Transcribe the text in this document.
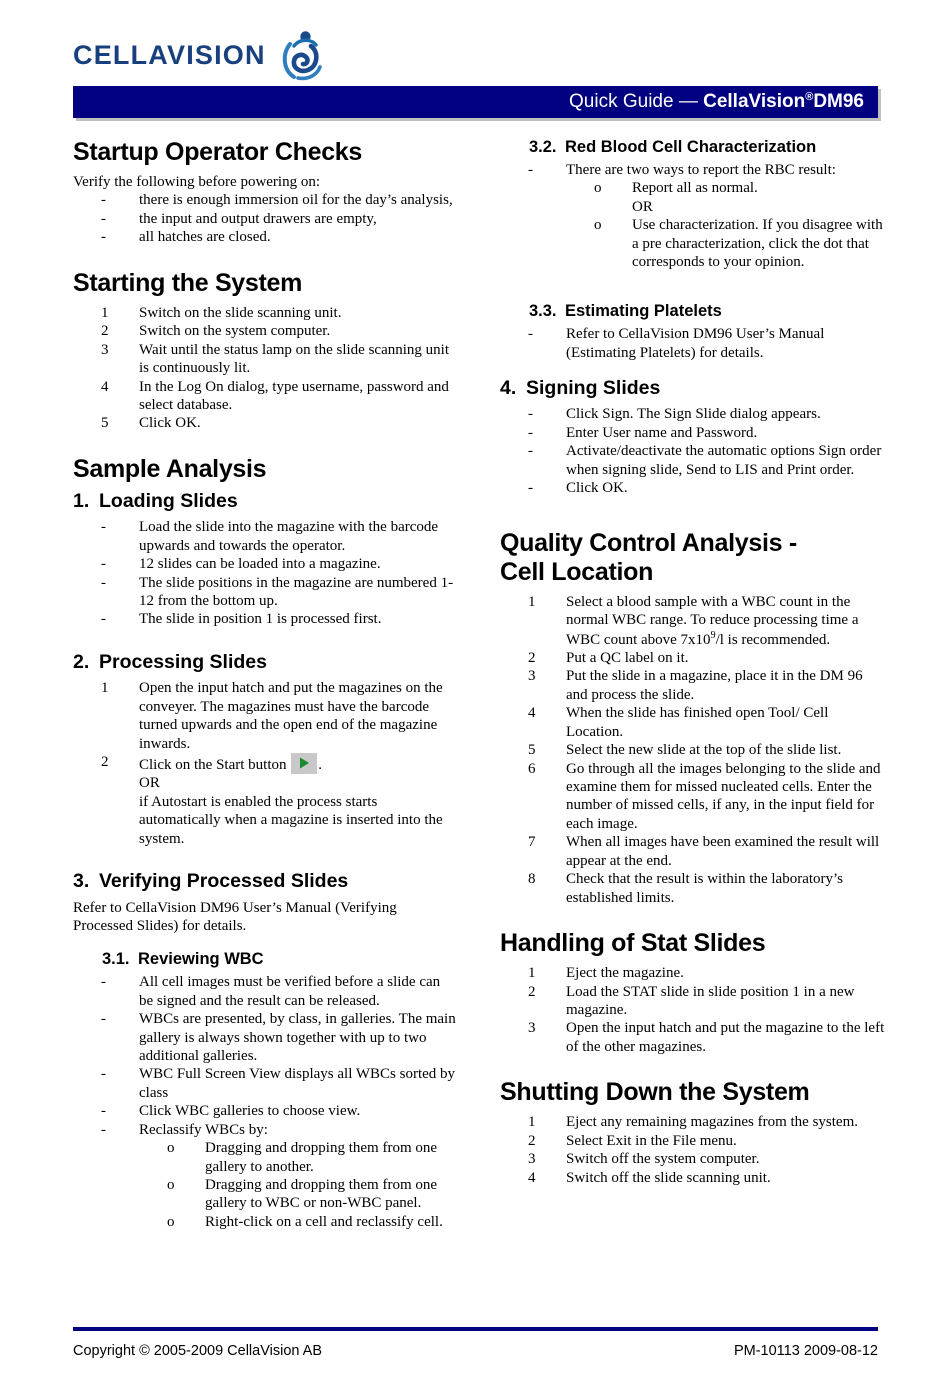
CELLAVISION
Quick Guide — CellaVision®DM96
Startup Operator Checks

Verify the following before powering on:

-	there is enough immersion oil for the day’s analysis,
-	the input and output drawers are empty,
-	all hatches are closed.
Starting the System
1	Switch on the slide scanning unit.
2	Switch on the system computer.
3	Wait until the status lamp on the slide scanning unit is continuously lit.
4	In the Log On dialog, type username, password and select database.
5	Click OK.
Sample Analysis
1. Loading Slides
-	Load the slide into the magazine with the barcode upwards and towards the operator.
-	12 slides can be loaded into a magazine.
-	The slide positions in the magazine are numbered 1-12 from the bottom up.
-	The slide in position 1 is processed first.
2. Processing Slides
1	Open the input hatch and put the magazines on the conveyer. The magazines must have the barcode turned upwards and the open end of the magazine inwards.
2	Click on the Start button .
OR
if Autostart is enabled the process starts automatically when a magazine is inserted into the system.
3. Verifying Processed Slides

Refer to CellaVision DM96 User’s Manual (Verifying Processed Slides) for details.

3.1. Reviewing WBC
-	All cell images must be verified before a slide can be signed and the result can be released.
-	WBCs are presented, by class, in galleries. The main gallery is always shown together with up to two additional galleries.
-	WBC Full Screen View displays all WBCs sorted by class
-	Click WBC galleries to choose view.
-	Reclassify WBCs by:
o	Dragging and dropping them from one gallery to another.
o	Dragging and dropping them from one gallery to WBC or non-WBC panel.
o	Right-click on a cell and reclassify cell.
3.2. Red Blood Cell Characterization
-	There are two ways to report the RBC result:
o	Report all as normal.
OR
o	Use characterization. If you disagree with a pre characterization, click the dot that corresponds to your opinion.
3.3. Estimating Platelets
-	Refer to CellaVision DM96 User’s Manual (Estimating Platelets) for details.
4. Signing Slides
-	Click Sign. The Sign Slide dialog appears.
-	Enter User name and Password.
-	Activate/deactivate the automatic options Sign order when signing slide, Send to LIS and Print order.
-	Click OK.
Quality Control Analysis -
Cell Location
1	Select a blood sample with a WBC count in the normal WBC range. To reduce processing time a WBC count above $7x10^9/l$ is recommended.
2	Put a QC label on it.
3	Put the slide in a magazine, place it in the DM 96 and process the slide.
4	When the slide has finished open Tool/ Cell Location.
5	Select the new slide at the top of the slide list.
6	Go through all the images belonging to the slide and examine them for missed nucleated cells. Enter the number of missed cells, if any, in the input field for each image.
7	When all images have been examined the result will appear at the end.
8	Check that the result is within the laboratory’s established limits.
Handling of Stat Slides
1	Eject the magazine.
2	Load the STAT slide in slide position 1 in a new magazine.
3	Open the input hatch and put the magazine to the left of the other magazines.
Shutting Down the System
1	Eject any remaining magazines from the system.
2	Select Exit in the File menu.
3	Switch off the system computer.
4	Switch off the slide scanning unit.
Copyright © 2005-2009 CellaVision AB	PM-10113 2009-08-12
